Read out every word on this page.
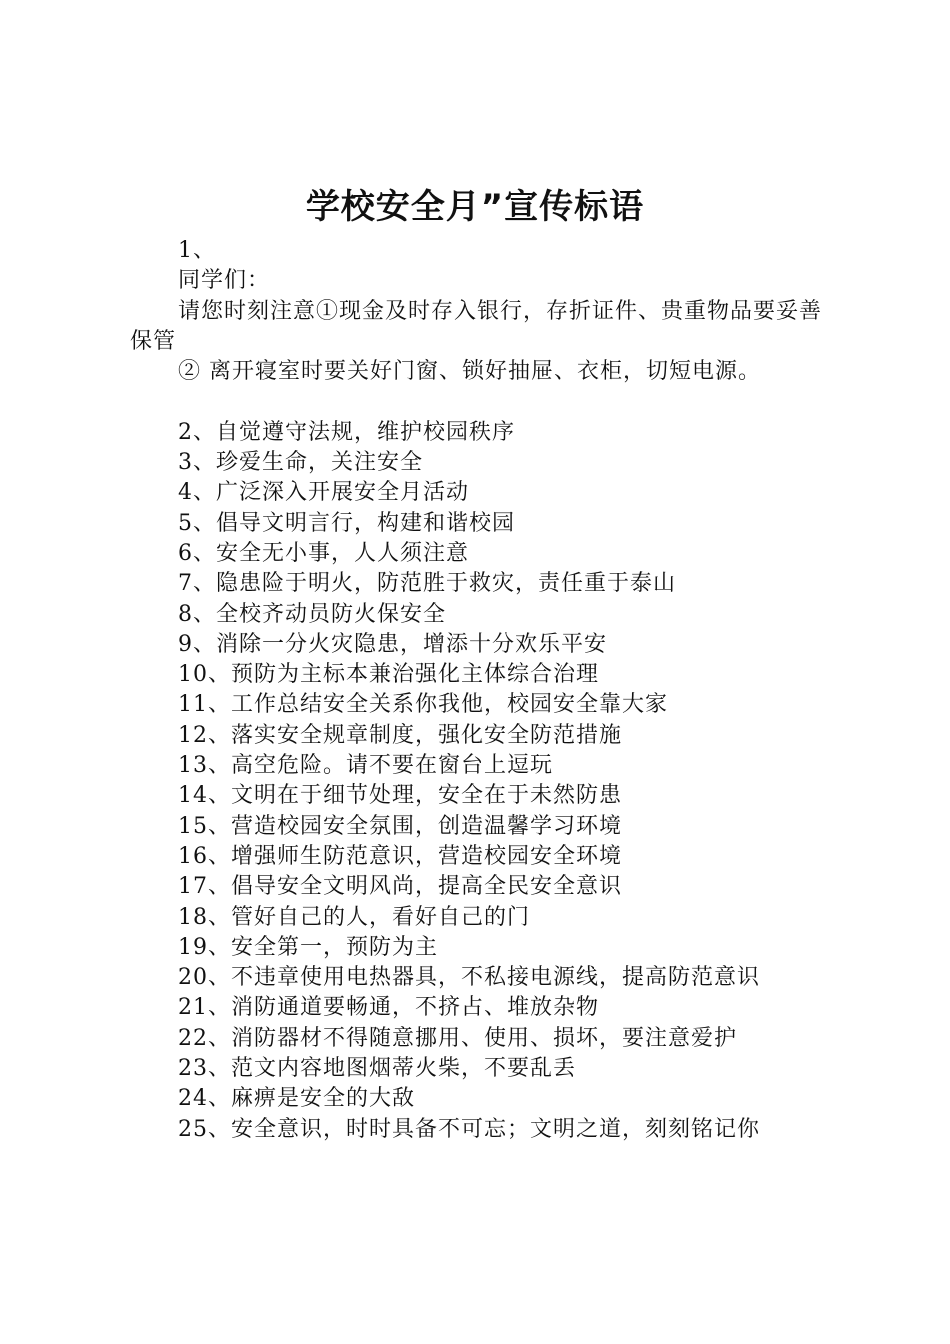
学校安全月”宣传标语
1、
同学们：
请您时刻注意①现金及时存入银行，存折证件、贵重物品要妥善保管
② 离开寝室时要关好门窗、锁好抽屉、衣柜，切短电源。
2、自觉遵守法规，维护校园秩序
3、珍爱生命，关注安全
4、广泛深入开展安全月活动
5、倡导文明言行，构建和谐校园
6、安全无小事，人人须注意
7、隐患险于明火，防范胜于救灾，责任重于泰山
8、全校齐动员防火保安全
9、消除一分火灾隐患，增添十分欢乐平安
10、预防为主标本兼治强化主体综合治理
11、工作总结安全关系你我他，校园安全靠大家
12、落实安全规章制度，强化安全防范措施
13、高空危险。请不要在窗台上逗玩
14、文明在于细节处理，安全在于未然防患
15、营造校园安全氛围，创造温馨学习环境
16、增强师生防范意识，营造校园安全环境
17、倡导安全文明风尚，提高全民安全意识
18、管好自己的人，看好自己的门
19、安全第一，预防为主
20、不违章使用电热器具，不私接电源线，提高防范意识
21、消防通道要畅通，不挤占、堆放杂物
22、消防器材不得随意挪用、使用、损坏，要注意爱护
23、范文内容地图烟蒂火柴，不要乱丢
24、麻痹是安全的大敌
25、安全意识，时时具备不可忘；文明之道，刻刻铭记你
